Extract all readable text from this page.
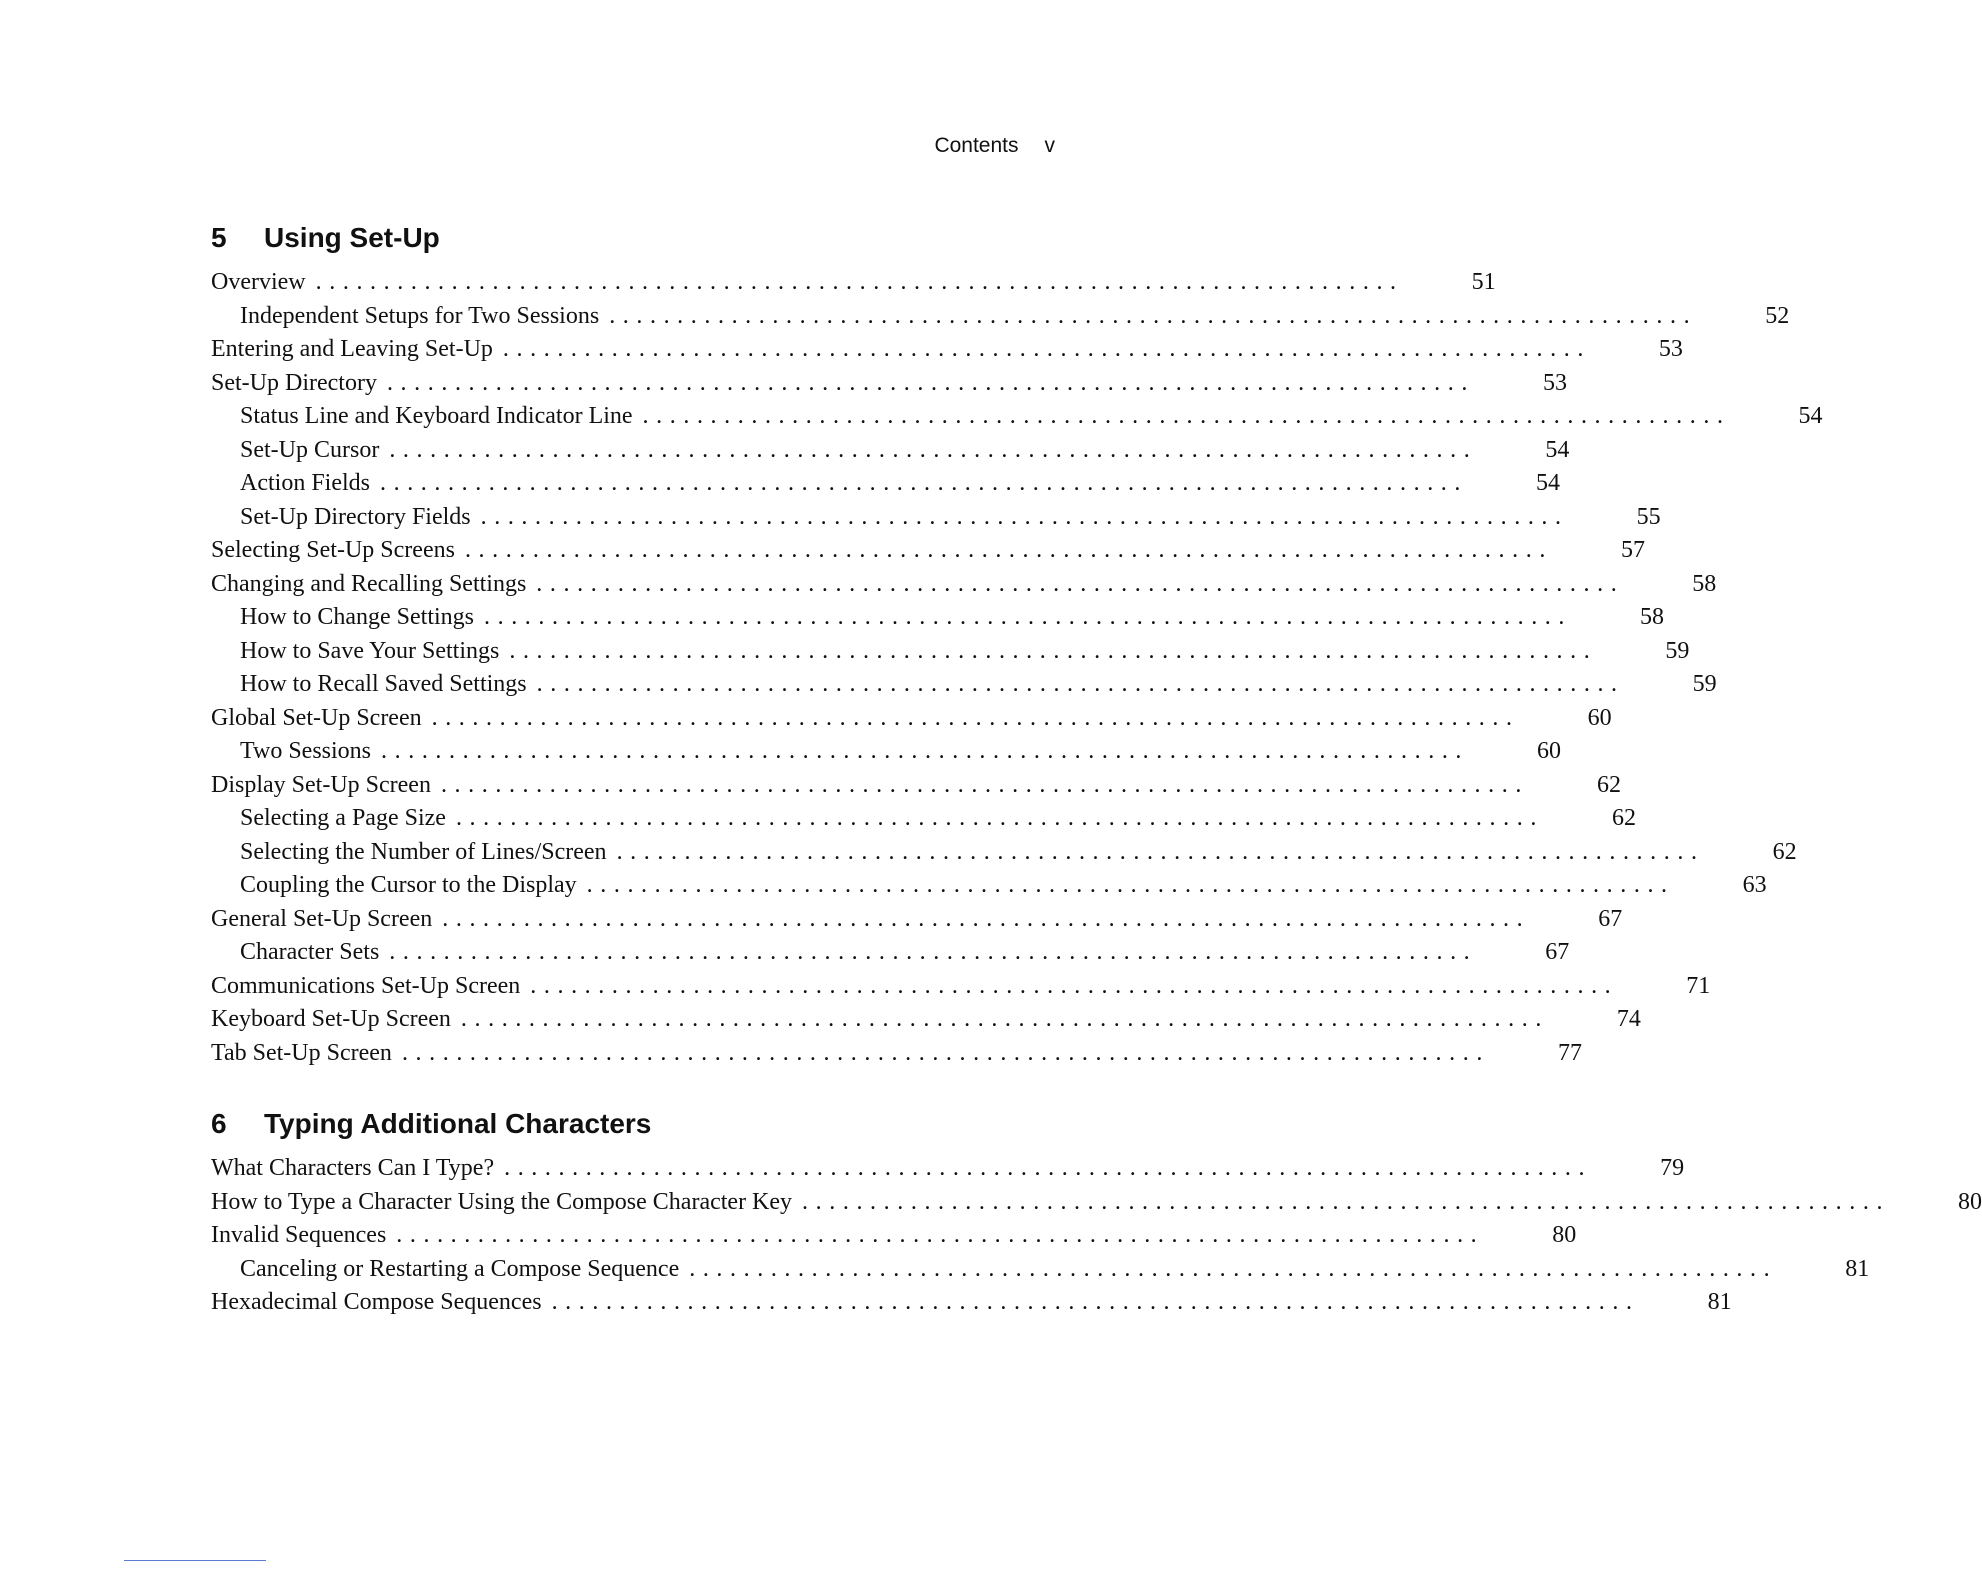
Contents v
5	Using Set-Up
Overview ................................................................................	51
Independent Setups for Two Sessions ................................................................................	52
Entering and Leaving Set-Up ................................................................................	53
Set-Up Directory ................................................................................	53
Status Line and Keyboard Indicator Line ................................................................................	54
Set-Up Cursor ................................................................................	54
Action Fields ................................................................................	54
Set-Up Directory Fields ................................................................................	55
Selecting Set-Up Screens ................................................................................	57
Changing and Recalling Settings ................................................................................	58
How to Change Settings ................................................................................	58
How to Save Your Settings ................................................................................	59
How to Recall Saved Settings ................................................................................	59
Global Set-Up Screen ................................................................................	60
Two Sessions ................................................................................	60
Display Set-Up Screen ................................................................................	62
Selecting a Page Size ................................................................................	62
Selecting the Number of Lines/Screen ................................................................................	62
Coupling the Cursor to the Display ................................................................................	63
General Set-Up Screen ................................................................................	67
Character Sets ................................................................................	67
Communications Set-Up Screen ................................................................................	71
Keyboard Set-Up Screen ................................................................................	74
Tab Set-Up Screen ................................................................................	77
6	Typing Additional Characters
What Characters Can I Type? ................................................................................	79
How to Type a Character Using the Compose Character Key ................................................................................	80
Invalid Sequences ................................................................................	80
Canceling or Restarting a Compose Sequence ................................................................................	81
Hexadecimal Compose Sequences ................................................................................	81
